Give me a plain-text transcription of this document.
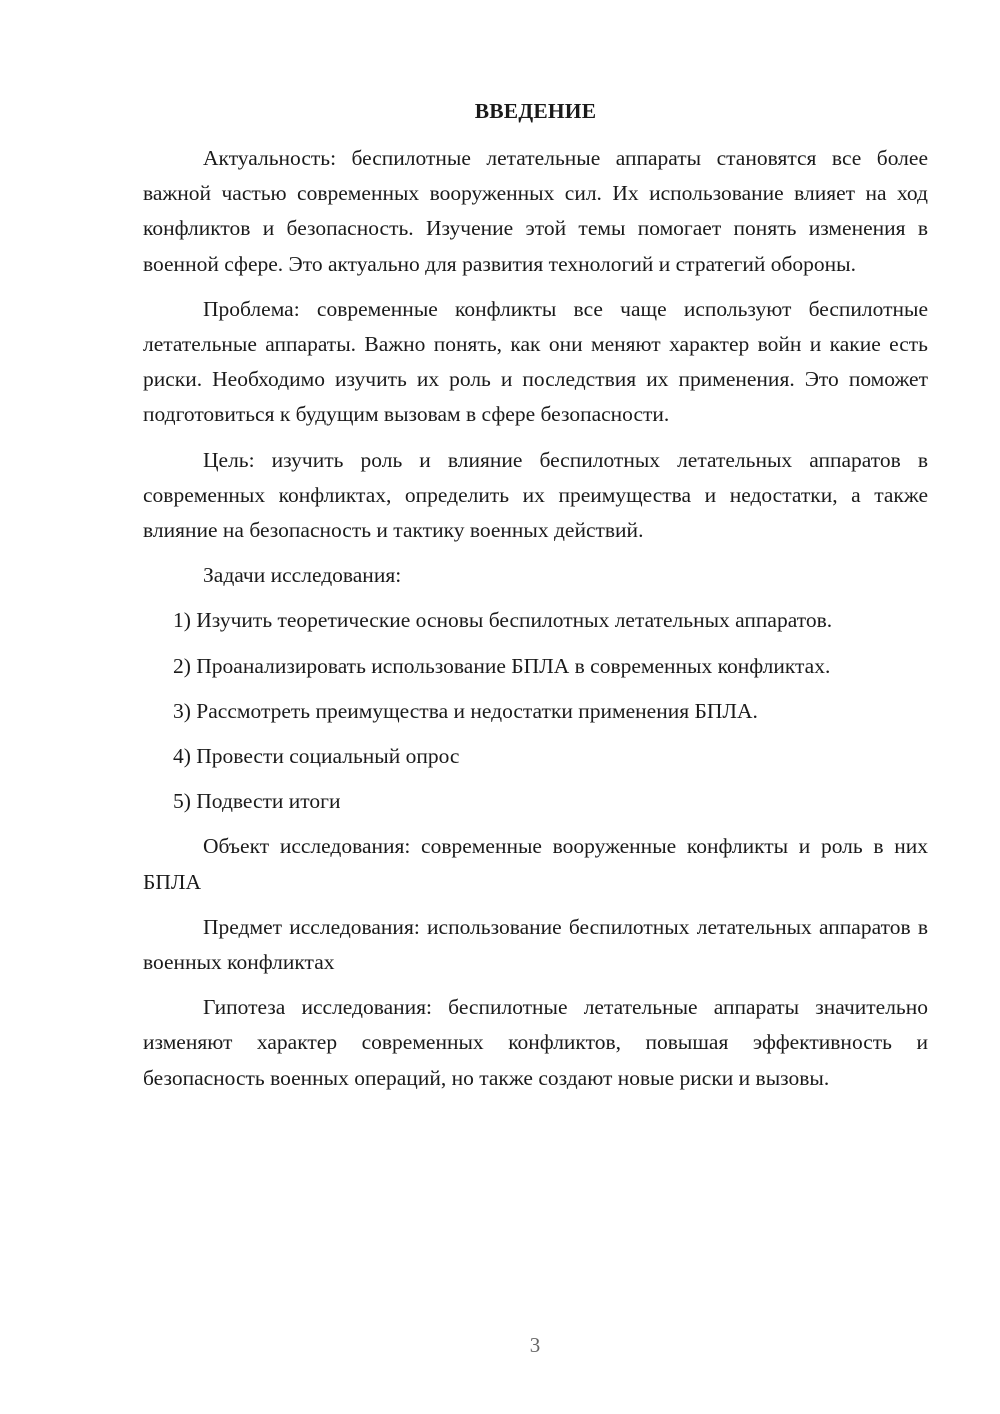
ВВЕДЕНИЕ

Актуальность: беспилотные летательные аппараты становятся все более важной частью современных вооруженных сил. Их использование влияет на ход конфликтов и безопасность. Изучение этой темы помогает понять изменения в военной сфере. Это актуально для развития технологий и стратегий обороны.

Проблема: современные конфликты все чаще используют беспилотные летательные аппараты. Важно понять, как они меняют характер войн и какие есть риски. Необходимо изучить их роль и последствия их применения. Это поможет подготовиться к будущим вызовам в сфере безопасности.

Цель: изучить роль и влияние беспилотных летательных аппаратов в современных конфликтах, определить их преимущества и недостатки, а также влияние на безопасность и тактику военных действий.

Задачи исследования:

1) Изучить теоретические основы беспилотных летательных аппаратов.

2) Проанализировать использование БПЛА в современных конфликтах.

3) Рассмотреть преимущества и недостатки применения БПЛА.

4) Провести социальный опрос

5) Подвести итоги

Объект исследования: современные вооруженные конфликты и роль в них БПЛА

Предмет исследования: использование беспилотных летательных аппаратов в военных конфликтах

Гипотеза исследования: беспилотные летательные аппараты значительно изменяют характер современных конфликтов, повышая эффективность и безопасность военных операций, но также создают новые риски и вызовы.

3
